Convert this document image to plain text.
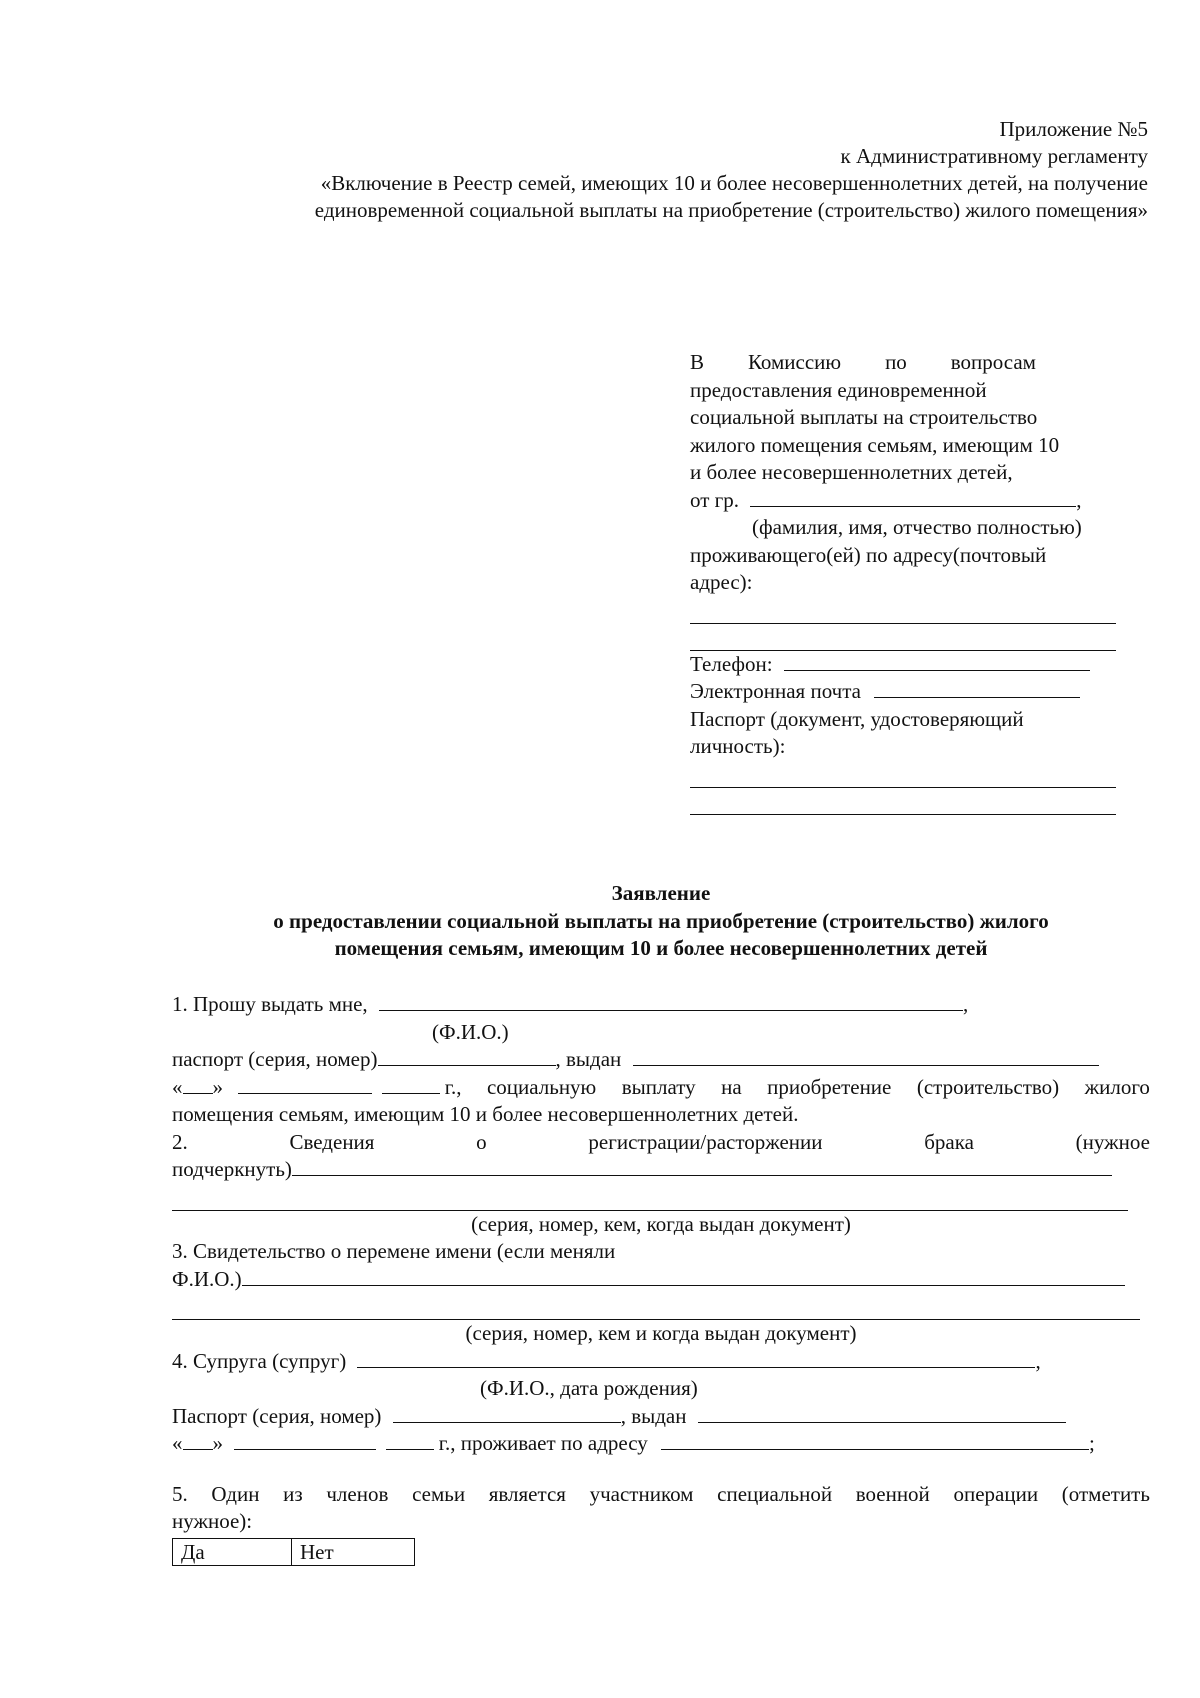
Приложение №5
к Административному регламенту
«Включение в Реестр семей, имеющих 10 и более несовершеннолетних детей, на получение
единовременной социальной выплаты на приобретение (строительство) жилого помещения»
В Комиссию по вопросам
предоставления единовременной
социальной выплаты на строительство
жилого помещения семьям, имеющим 10
и более несовершеннолетних детей,
от гр.	,
(фамилия, имя, отчество полностью)
проживающего(ей) по адресу(почтовый
адрес):
Телефон:
Электронная почта
Паспорт (документ, удостоверяющий
личность):
Заявление
о предоставлении социальной выплаты на приобретение (строительство) жилого
помещения семьям, имеющим 10 и более несовершеннолетних детей
1. Прошу выдать мне,	,
(Ф.И.О.)
паспорт (серия, номер)	, выдан
« »	г., социальную выплату на приобретение (строительство) жилого
помещения семьям, имеющим 10 и более несовершеннолетних детей.
2.	Сведения	о	регистрации/расторжении	брака	(нужное
подчеркнуть)
(серия, номер, кем, когда выдан документ)
3. Свидетельство о перемене имени (если меняли
Ф.И.О.)
(серия, номер, кем и когда выдан документ)
4. Супруга (супруг)	,
(Ф.И.О., дата рождения)
Паспорт (серия, номер)	, выдан
« »	г., проживает по адресу	;
5. Один из членов семьи является участником специальной военной операции (отметить
нужное):
Да	Нет
